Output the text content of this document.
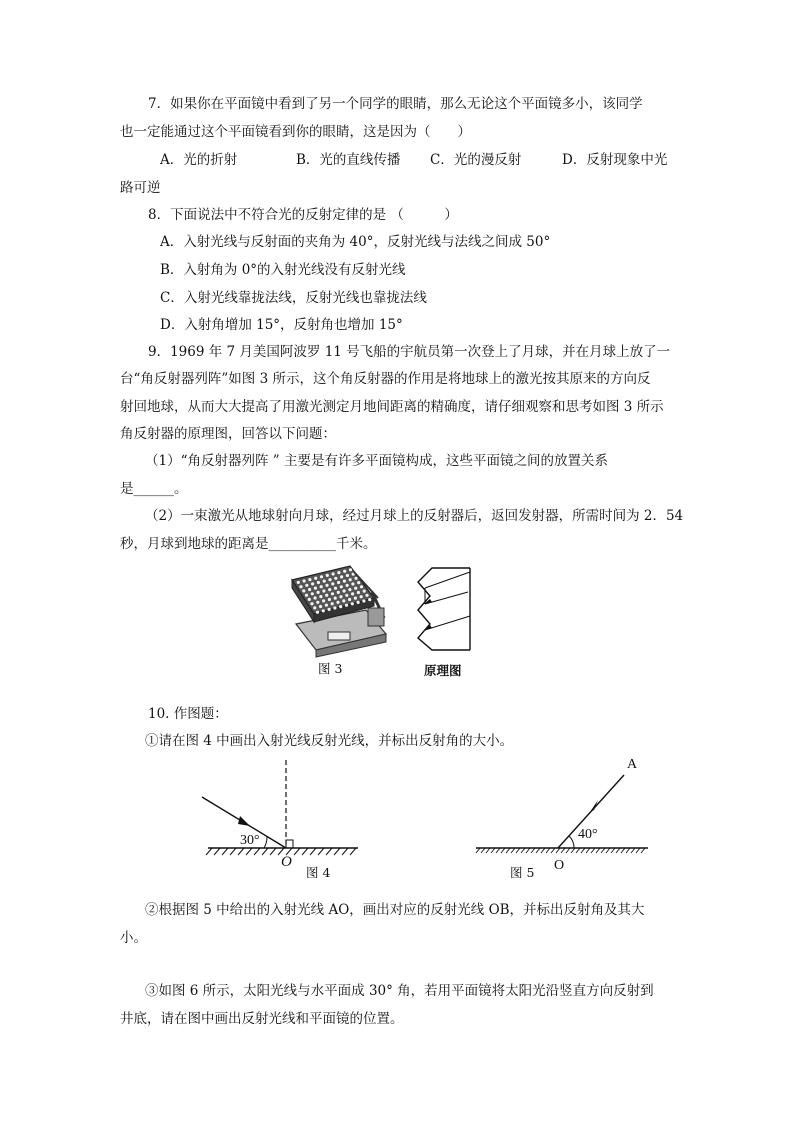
7．如果你在平面镜中看到了另一个同学的眼睛，那么无论这个平面镜多小，该同学
也一定能通过这个平面镜看到你的眼睛，这是因为（　　）
A．光的折射	B．光的直线传播 C．光的漫反射	D．反射现象中光
路可逆
8．下面说法中不符合光的反射定律的是 （　　　）
A．入射光线与反射面的夹角为 40°，反射光线与法线之间成 50°
B．入射角为 0°的入射光线没有反射光线
C．入射光线靠拢法线，反射光线也靠拢法线
D．入射角增加 15°，反射角也增加 15°
9．1969 年 7 月美国阿波罗 11 号飞船的宇航员第一次登上了月球，并在月球上放了一
台“角反射器列阵”如图 3 所示，这个角反射器的作用是将地球上的激光按其原来的方向反
射回地球，从而大大提高了用激光测定月地间距离的精确度，请仔细观察和思考如图 3 所示
角反射器的原理图，回答以下问题：
（1）“角反射器列阵 ” 主要是有许多平面镜构成，这些平面镜之间的放置关系
是______。
（2）一束激光从地球射向月球，经过月球上的反射器后，返回发射器，所需时间为 2．54
秒，月球到地球的距离是__________千米。
图 3	原理图
10. 作图题：
①请在图 4 中画出入射光线反射光线，并标出反射角的大小。
30°
O
图 4
A
40°
O
图 5
②根据图 5 中给出的入射光线 AO，画出对应的反射光线 OB，并标出反射角及其大
小。
③如图 6 所示，太阳光线与水平面成 30° 角，若用平面镜将太阳光沿竖直方向反射到
井底，请在图中画出反射光线和平面镜的位置。
